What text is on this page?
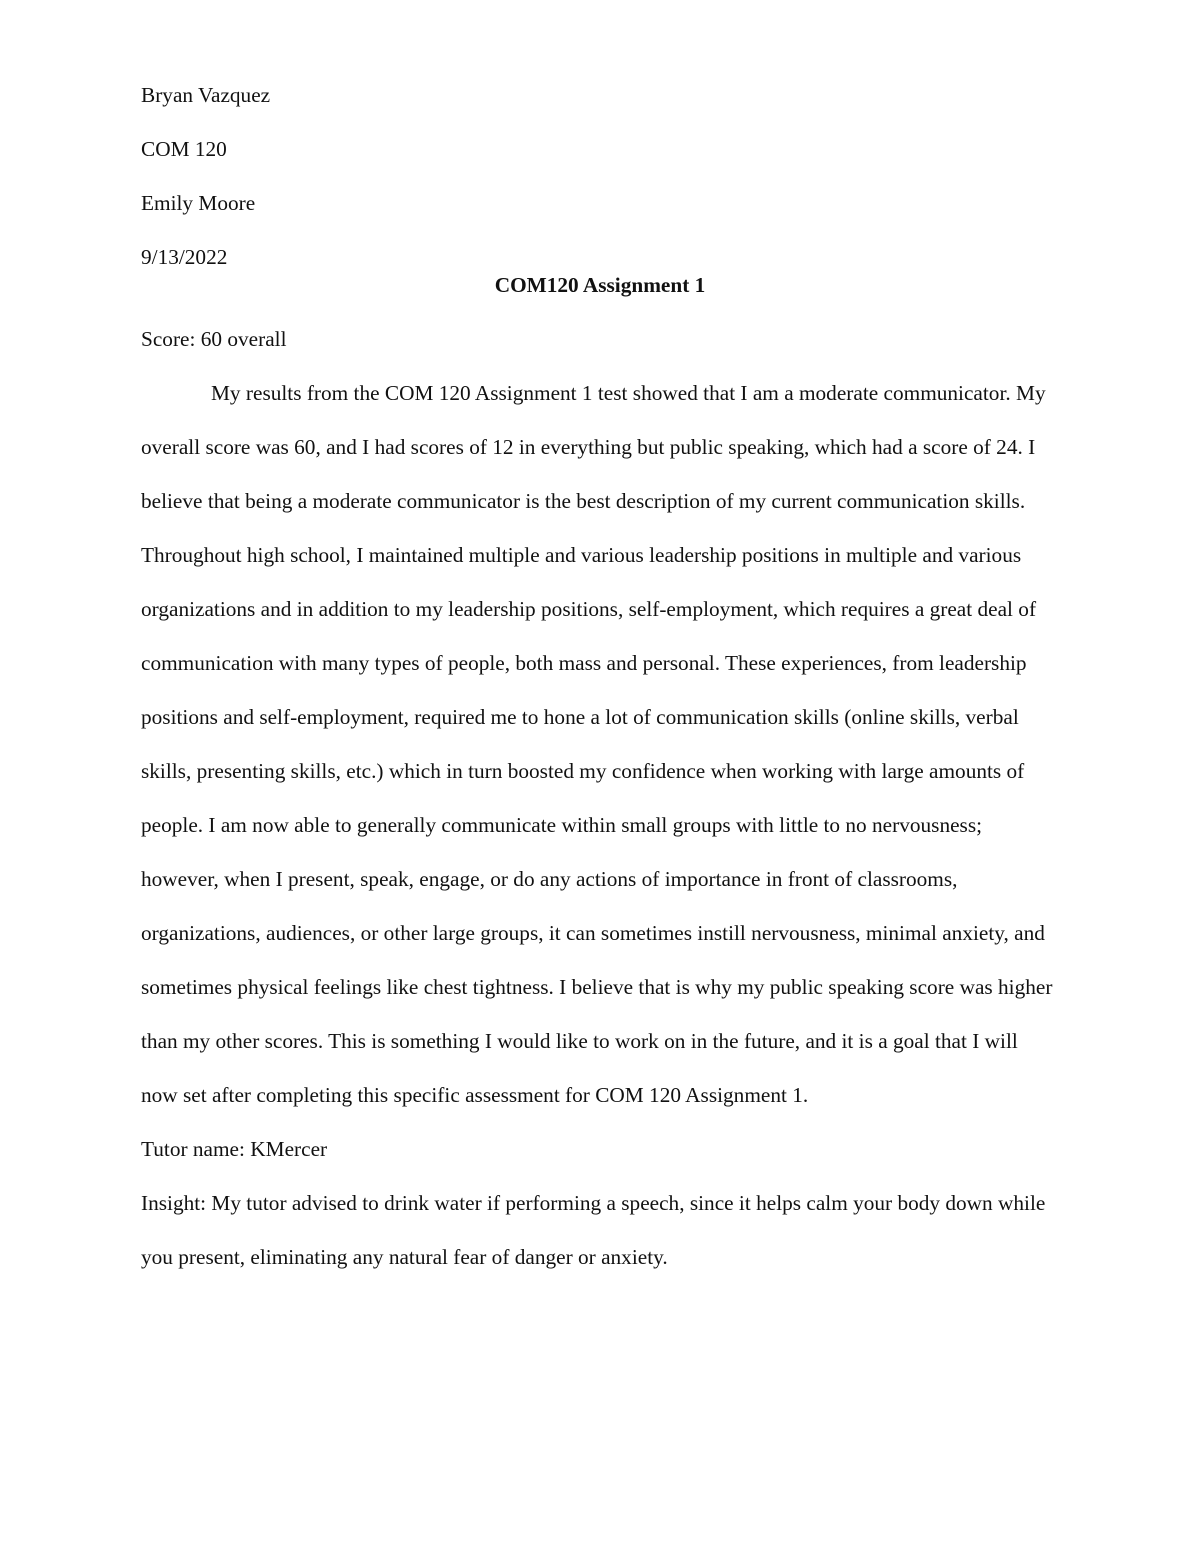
Bryan Vazquez

COM 120

Emily Moore

9/13/2022

COM120 Assignment 1

Score: 60 overall

My results from the COM 120 Assignment 1 test showed that I am a moderate communicator. My overall score was 60, and I had scores of 12 in everything but public speaking, which had a score of 24. I believe that being a moderate communicator is the best description of my current communication skills. Throughout high school, I maintained multiple and various leadership positions in multiple and various organizations and in addition to my leadership positions, self-employment, which requires a great deal of communication with many types of people, both mass and personal. These experiences, from leadership positions and self-employment, required me to hone a lot of communication skills (online skills, verbal skills, presenting skills, etc.) which in turn boosted my confidence when working with large amounts of people. I am now able to generally communicate within small groups with little to no nervousness; however, when I present, speak, engage, or do any actions of importance in front of classrooms, organizations, audiences, or other large groups, it can sometimes instill nervousness, minimal anxiety, and sometimes physical feelings like chest tightness. I believe that is why my public speaking score was higher than my other scores. This is something I would like to work on in the future, and it is a goal that I will now set after completing this specific assessment for COM 120 Assignment 1.

Tutor name: KMercer

Insight: My tutor advised to drink water if performing a speech, since it helps calm your body down while you present, eliminating any natural fear of danger or anxiety.
